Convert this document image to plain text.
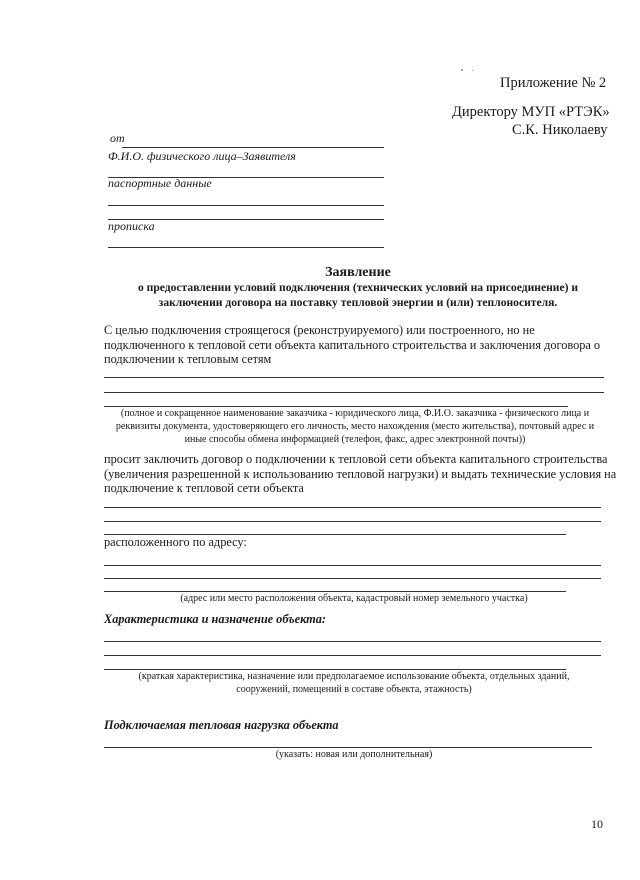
Приложение № 2
Директору МУП «РТЭК»
С.К. Николаеву
от
Ф.И.О. физического лица–Заявителя
паспортные данные
прописка
Заявление
о предоставлении условий подключения (технических условий на присоединение) и
заключении договора на поставку тепловой энергии и (или) теплоносителя.
С целью подключения строящегося (реконструируемого) или построенного, но не
подключенного к тепловой сети объекта капитального строительства и заключения договора о
подключении к тепловым сетям
(полное и сокращенное наименование заказчика - юридического лица, Ф.И.О. заказчика - физического лица и
реквизиты документа, удостоверяющего его личность, место нахождения (место жительства), почтовый адрес и
иные способы обмена информацией (телефон, факс, адрес электронной почты))
просит заключить договор о подключении к тепловой сети объекта капитального строительства
(увеличения разрешенной к использованию тепловой нагрузки) и выдать технические условия на
подключение к тепловой сети объекта
расположенного по адресу:
(адрес или место расположения объекта, кадастровый номер земельного участка)
Характеристика и назначение объекта:
(краткая характеристика, назначение или предполагаемое использование объекта, отдельных зданий,
сооружений, помещений в составе объекта, этажность)
Подключаемая тепловая нагрузка объекта
(указать: новая или дополнительная)
10
